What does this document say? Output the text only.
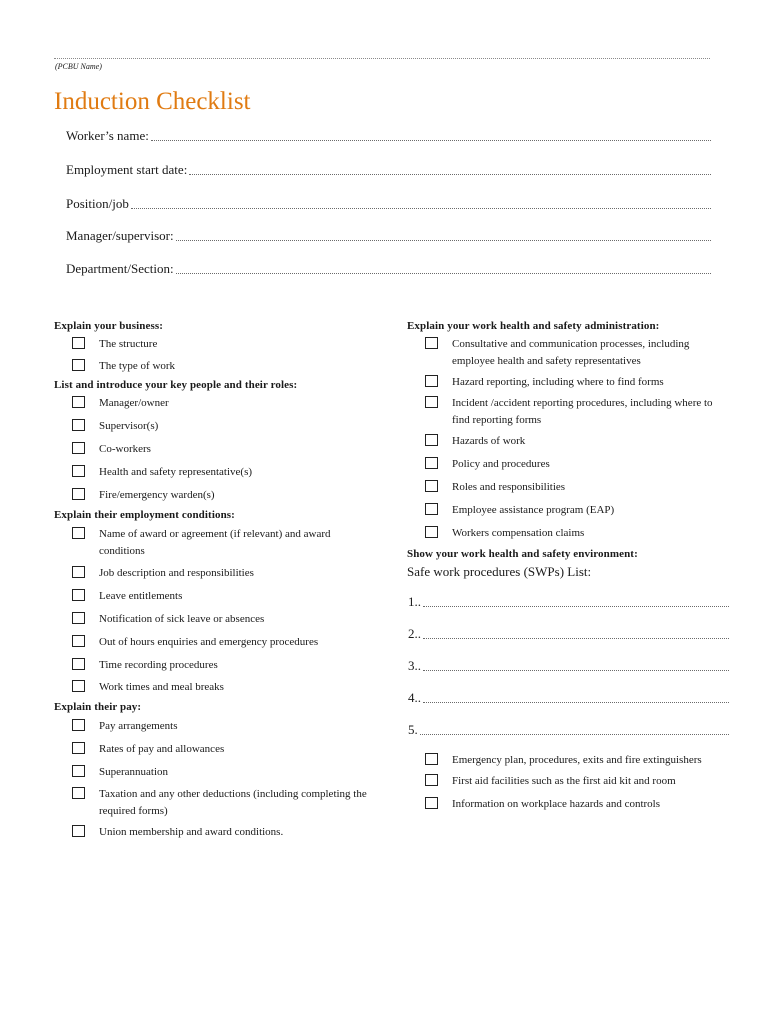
(PCBU Name)
Induction Checklist
Worker’s name:
Employment start date:
Position/job
Manager/supervisor:
Department/Section:

Explain your business:

The structure
The type of work

List and introduce your key people and their roles:

Manager/owner
Supervisor(s)
Co-workers
Health and safety representative(s)
Fire/emergency warden(s)

Explain their employment conditions:

Name of award or agreement (if relevant) and award conditions
Job description and responsibilities
Leave entitlements
Notification of sick leave or absences
Out of hours enquiries and emergency procedures
Time recording procedures
Work times and meal breaks

Explain their pay:

Pay arrangements
Rates of pay and allowances
Superannuation
Taxation and any other deductions (including completing the required forms)
Union membership and award conditions.

Explain your work health and safety administration:

Consultative and communication processes, including employee health and safety representatives
Hazard reporting, including where to find forms
Incident /accident reporting procedures, including where to find reporting forms
Hazards of work
Policy and procedures
Roles and responsibilities
Employee assistance program (EAP)
Workers compensation claims

Show your work health and safety environment:

Safe work procedures (SWPs) List:
1..
2..
3..
4..
5.
Emergency plan, procedures, exits and fire extinguishers
First aid facilities such as the first aid kit and room
Information on workplace hazards and controls
